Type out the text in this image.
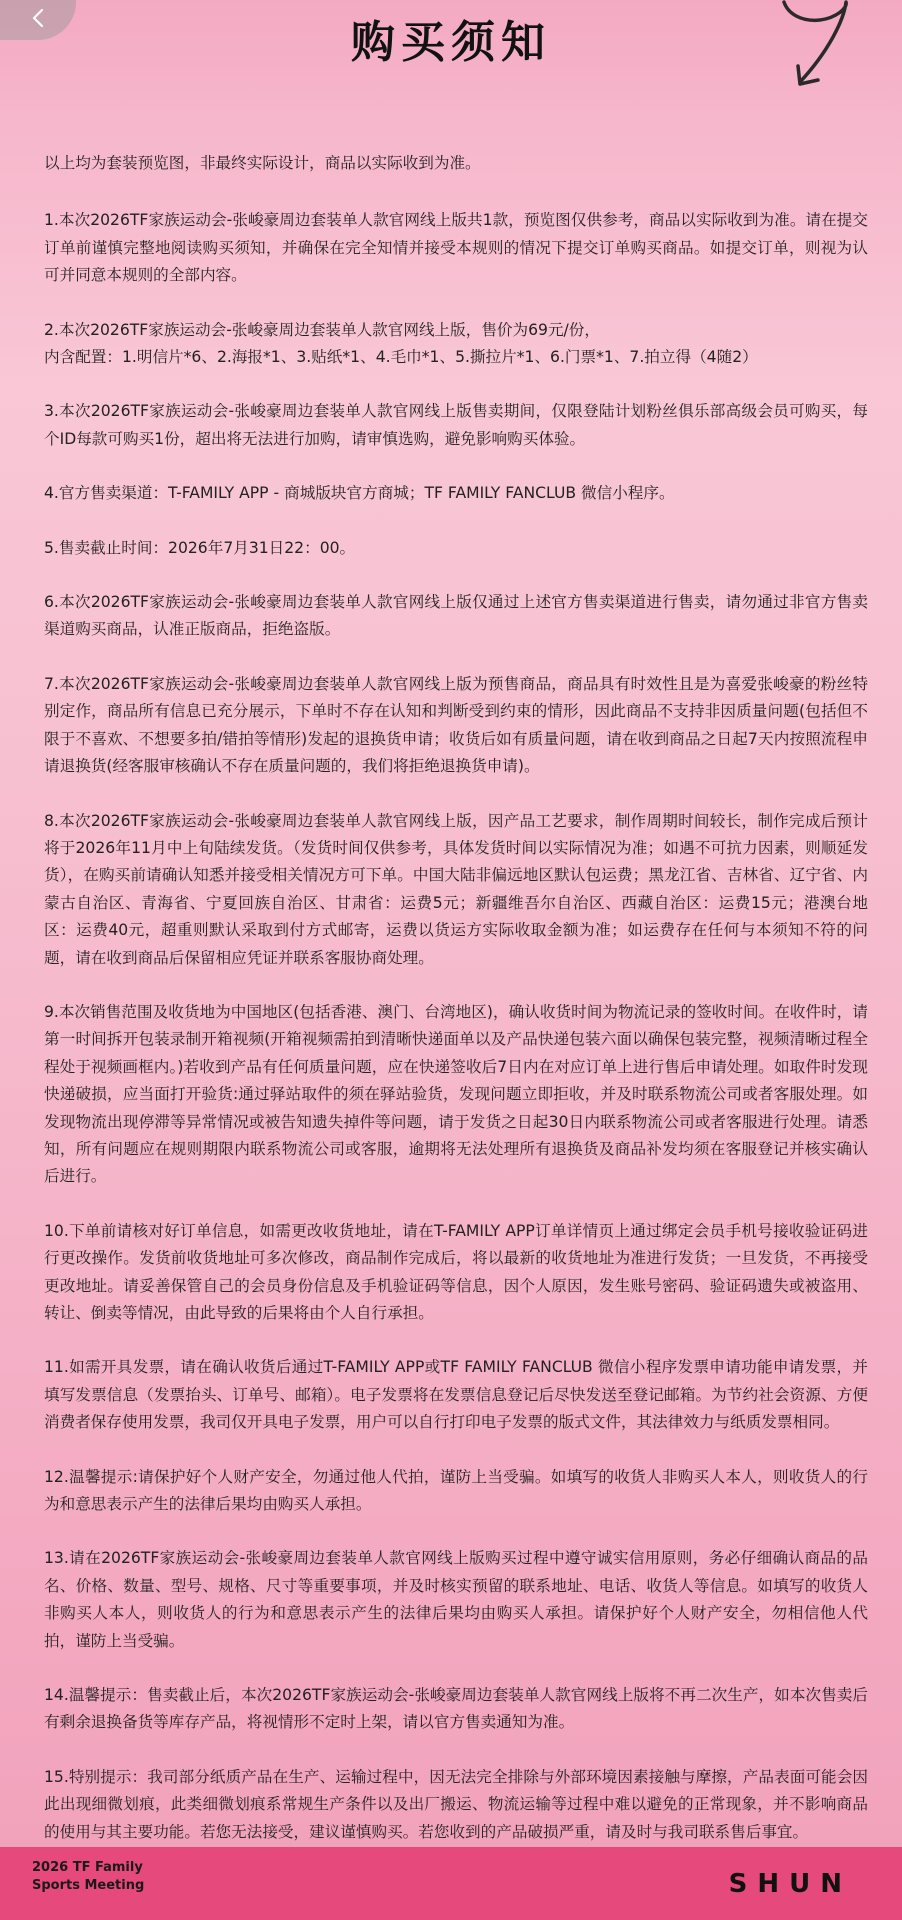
购买须知

以上均为套装预览图，非最终实际设计，商品以实际收到为准。

1.本次2026TF家族运动会-张峻豪周边套装单人款官网线上版共1款，预览图仅供参考，商品以实际收到为准。请在提交订单前谨慎完整地阅读购买须知，并确保在完全知情并接受本规则的情况下提交订单购买商品。如提交订单，则视为认可并同意本规则的全部内容。

2.本次2026TF家族运动会-张峻豪周边套装单人款官网线上版，售价为69元/份，
内含配置：1.明信片*6、2.海报*1、3.贴纸*1、4.毛巾*1、5.撕拉片*1、6.门票*1、7.拍立得（4随2）

3.本次2026TF家族运动会-张峻豪周边套装单人款官网线上版售卖期间，仅限登陆计划粉丝俱乐部高级会员可购买，每个ID每款可购买1份，超出将无法进行加购，请审慎选购，避免影响购买体验。

4.官方售卖渠道：T-FAMILY APP - 商城版块官方商城；TF FAMILY FANCLUB 微信小程序。

5.售卖截止时间：2026年7月31日22：00。

6.本次2026TF家族运动会-张峻豪周边套装单人款官网线上版仅通过上述官方售卖渠道进行售卖，请勿通过非官方售卖渠道购买商品，认准正版商品，拒绝盗版。

7.本次2026TF家族运动会-张峻豪周边套装单人款官网线上版为预售商品，商品具有时效性且是为喜爱张峻豪的粉丝特别定作，商品所有信息已充分展示，下单时不存在认知和判断受到约束的情形，因此商品不支持非因质量问题(包括但不限于不喜欢、不想要多拍/错拍等情形)发起的退换货申请；收货后如有质量问题，请在收到商品之日起7天内按照流程申请退换货(经客服审核确认不存在质量问题的，我们将拒绝退换货申请)。

8.本次2026TF家族运动会-张峻豪周边套装单人款官网线上版，因产品工艺要求，制作周期时间较长，制作完成后预计将于2026年11月中上旬陆续发货。（发货时间仅供参考，具体发货时间以实际情况为准；如遇不可抗力因素，则顺延发货），在购买前请确认知悉并接受相关情况方可下单。中国大陆非偏远地区默认包运费；黑龙江省、吉林省、辽宁省、内蒙古自治区、青海省、宁夏回族自治区、甘肃省：运费5元；新疆维吾尔自治区、西藏自治区：运费15元；港澳台地区：运费40元，超重则默认采取到付方式邮寄，运费以货运方实际收取金额为准；如运费存在任何与本须知不符的问题，请在收到商品后保留相应凭证并联系客服协商处理。

9.本次销售范围及收货地为中国地区(包括香港、澳门、台湾地区)，确认收货时间为物流记录的签收时间。在收件时，请第一时间拆开包装录制开箱视频(开箱视频需拍到清晰快递面单以及产品快递包装六面以确保包装完整，视频清晰过程全程处于视频画框内。)若收到产品有任何质量问题，应在快递签收后7日内在对应订单上进行售后申请处理。如取件时发现快递破损，应当面打开验货:通过驿站取件的须在驿站验货，发现问题立即拒收，并及时联系物流公司或者客服处理。如发现物流出现停滞等异常情况或被告知遗失掉件等问题，请于发货之日起30日内联系物流公司或者客服进行处理。请悉知，所有问题应在规则期限内联系物流公司或客服，逾期将无法处理所有退换货及商品补发均须在客服登记并核实确认后进行。

10.下单前请核对好订单信息，如需更改收货地址，请在T-FAMILY APP订单详情页上通过绑定会员手机号接收验证码进行更改操作。发货前收货地址可多次修改，商品制作完成后，将以最新的收货地址为准进行发货；一旦发货，不再接受更改地址。请妥善保管自己的会员身份信息及手机验证码等信息，因个人原因，发生账号密码、验证码遗失或被盗用、转让、倒卖等情况，由此导致的后果将由个人自行承担。

11.如需开具发票，请在确认收货后通过T-FAMILY APP或TF FAMILY FANCLUB 微信小程序发票申请功能申请发票，并填写发票信息（发票抬头、订单号、邮箱）。电子发票将在发票信息登记后尽快发送至登记邮箱。为节约社会资源、方便消费者保存使用发票，我司仅开具电子发票，用户可以自行打印电子发票的版式文件，其法律效力与纸质发票相同。

12.温馨提示:请保护好个人财产安全，勿通过他人代拍，谨防上当受骗。如填写的收货人非购买人本人，则收货人的行为和意思表示产生的法律后果均由购买人承担。

13.请在2026TF家族运动会-张峻豪周边套装单人款官网线上版购买过程中遵守诚实信用原则，务必仔细确认商品的品名、价格、数量、型号、规格、尺寸等重要事项，并及时核实预留的联系地址、电话、收货人等信息。如填写的收货人非购买人本人，则收货人的行为和意思表示产生的法律后果均由购买人承担。请保护好个人财产安全，勿相信他人代拍，谨防上当受骗。

14.温馨提示：售卖截止后，本次2026TF家族运动会-张峻豪周边套装单人款官网线上版将不再二次生产，如本次售卖后有剩余退换备货等库存产品，将视情形不定时上架，请以官方售卖通知为准。

15.特别提示：我司部分纸质产品在生产、运输过程中，因无法完全排除与外部环境因素接触与摩擦，产品表面可能会因此出现细微划痕，此类细微划痕系常规生产条件以及出厂搬运、物流运输等过程中难以避免的正常现象，并不影响商品的使用与其主要功能。若您无法接受，建议谨慎购买。若您收到的产品破损严重，请及时与我司联系售后事宜。

2026 TF Family
Sports Meeting	SHUN
